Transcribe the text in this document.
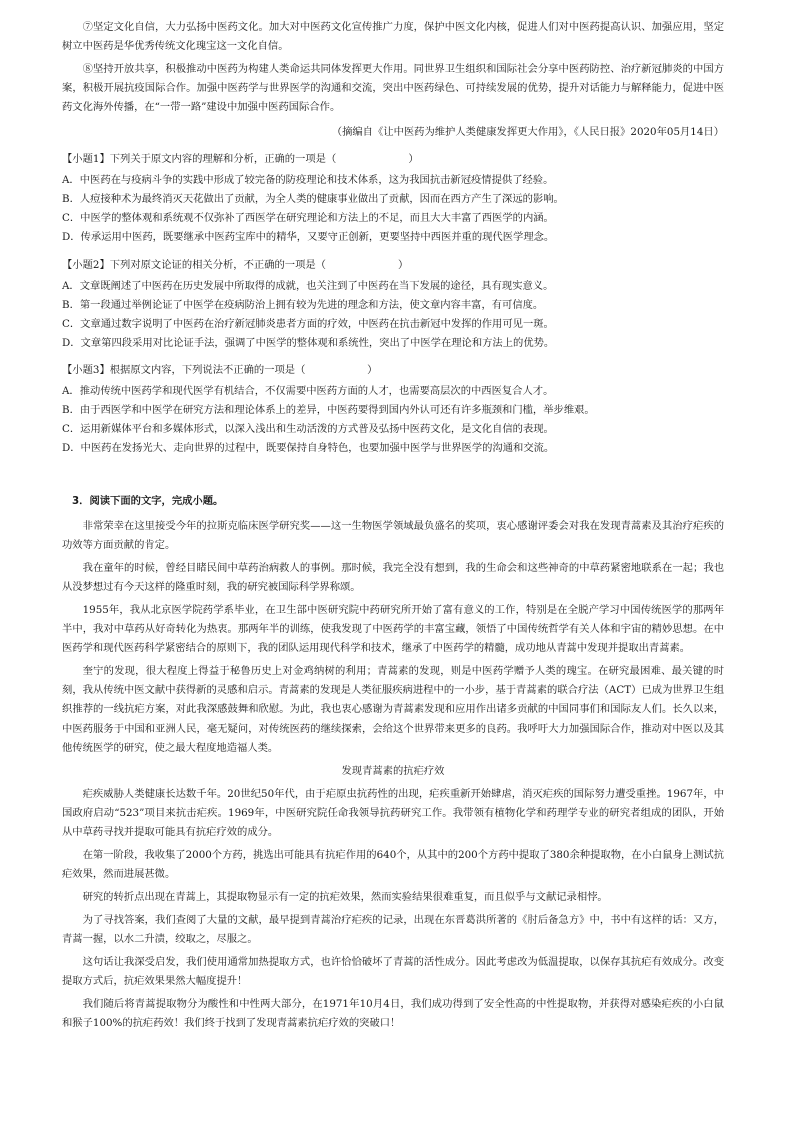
⑦坚定文化自信，大力弘扬中医药文化。加大对中医药文化宣传推广力度，保护中医文化内核，促进人们对中医药提高认识、加强应用，坚定树立中医药是华优秀传统文化瑰宝这一文化自信。

⑧坚持开放共享，积极推动中医药为构建人类命运共同体发挥更大作用。同世界卫生组织和国际社会分享中医药防控、治疗新冠肺炎的中国方案，积极开展抗疫国际合作。加强中医药学与世界医学的沟通和交流，突出中医药绿色、可持续发展的优势，提升对话能力与解释能力，促进中医药文化海外传播，在“一带一路”建设中加强中医药国际合作。

（摘编自《让中医药为维护人类健康发挥更大作用》，《人民日报》2020年05月14日）

【小题1】下列关于原文内容的理解和分析，正确的一项是（　　　　　　　）

A．中医药在与疫病斗争的实践中形成了较完备的防疫理论和技术体系，这为我国抗击新冠疫情提供了经验。

B．人痘接种术为最终消灭天花做出了贡献，为全人类的健康事业做出了贡献，因而在西方产生了深远的影响。

C．中医学的整体观和系统观不仅弥补了西医学在研究理论和方法上的不足，而且大大丰富了西医学的内涵。

D．传承运用中医药，既要继承中医药宝库中的精华，又要守正创新，更要坚持中西医并重的现代医学理念。

【小题2】下列对原文论证的相关分析，不正确的一项是（　　　　　　　）

A．文章既阐述了中医药在历史发展中所取得的成就，也关注到了中医药在当下发展的途径，具有现实意义。

B．第一段通过举例论证了中医学在疫病防治上拥有较为先进的理念和方法，使文章内容丰富，有可信度。

C．文章通过数字说明了中医药在治疗新冠肺炎患者方面的疗效，中医药在抗击新冠中发挥的作用可见一斑。

D．文章第四段采用对比论证手法，强调了中医学的整体观和系统性，突出了中医学在理论和方法上的优势。

【小题3】根据原文内容，下列说法不正确的一项是（　　　　　　）

A．推动传统中医药学和现代医学有机结合，不仅需要中医药方面的人才，也需要高层次的中西医复合人才。

B．由于西医学和中医学在研究方法和理论体系上的差异，中医药要得到国内外认可还有许多瓶颈和门槛，举步维艰。

C．运用新媒体平台和多媒体形式，以深入浅出和生动活泼的方式普及弘扬中医药文化，是文化自信的表现。

D．中医药在发扬光大、走向世界的过程中，既要保持自身特色，也要加强中医学与世界医学的沟通和交流。

3．阅读下面的文字，完成小题。

非常荣幸在这里接受今年的拉斯克临床医学研究奖——这一生物医学领域最负盛名的奖项，衷心感谢评委会对我在发现青蒿素及其治疗疟疾的功效等方面贡献的肯定。

我在童年的时候，曾经目睹民间中草药治病救人的事例。那时候，我完全没有想到，我的生命会和这些神奇的中草药紧密地联系在一起；我也从没梦想过有今天这样的隆重时刻，我的研究被国际科学界称颂。

1955年，我从北京医学院药学系毕业，在卫生部中医研究院中药研究所开始了富有意义的工作，特别是在全脱产学习中国传统医学的那两年半中，我对中草药从好奇转化为热衷。那两年半的训练，使我发现了中医药学的丰富宝藏，领悟了中国传统哲学有关人体和宇宙的精妙思想。在中医药学和现代医药科学紧密结合的原则下，我的团队运用现代科学和技术，继承了中医药学的精髓，成功地从青蒿中发现并提取出青蒿素。

奎宁的发现，很大程度上得益于秘鲁历史上对金鸡纳树的利用；青蒿素的发现，则是中医药学赠予人类的瑰宝。在研究最困难、最关键的时刻，我从传统中医文献中获得新的灵感和启示。青蒿素的发现是人类征服疾病进程中的一小步，基于青蒿素的联合疗法（ACT）已成为世界卫生组织推荐的一线抗疟方案，对此我深感鼓舞和欣慰。为此，我也衷心感谢为青蒿素发现和应用作出诸多贡献的中国同事们和国际友人们。长久以来，中医药服务于中国和亚洲人民，毫无疑问，对传统医药的继续探索，会给这个世界带来更多的良药。我呼吁大力加强国际合作，推动对中医以及其他传统医学的研究，使之最大程度地造福人类。

发现青蒿素的抗疟疗效

疟疾威胁人类健康长达数千年。20世纪50年代，由于疟原虫抗药性的出现，疟疾重新开始肆虐，消灭疟疾的国际努力遭受重挫。1967年，中国政府启动“523”项目来抗击疟疾。1969年，中医研究院任命我领导抗药研究工作。我带领有植物化学和药理学专业的研究者组成的团队，开始从中草药寻找并提取可能具有抗疟疗效的成分。

在第一阶段，我收集了2000个方药，挑选出可能具有抗疟作用的640个，从其中的200个方药中提取了380余种提取物，在小白鼠身上测试抗疟效果，然而进展甚微。

研究的转折点出现在青蒿上，其提取物显示有一定的抗疟效果，然而实验结果很难重复，而且似乎与文献记录相悖。

为了寻找答案，我们查阅了大量的文献，最早提到青蒿治疗疟疾的记录，出现在东晋葛洪所著的《肘后备急方》中，书中有这样的话：又方，青蒿一握，以水二升渍，绞取之，尽服之。

这句话让我深受启发，我们使用通常加热提取方式，也许恰恰破坏了青蒿的活性成分。因此考虑改为低温提取，以保存其抗疟有效成分。改变提取方式后，抗疟效果果然大幅度提升！

我们随后将青蒿提取物分为酸性和中性两大部分，在1971年10月4日，我们成功得到了安全性高的中性提取物，并获得对感染疟疾的小白鼠和猴子100%的抗疟药效！我们终于找到了发现青蒿素抗疟疗效的突破口！
